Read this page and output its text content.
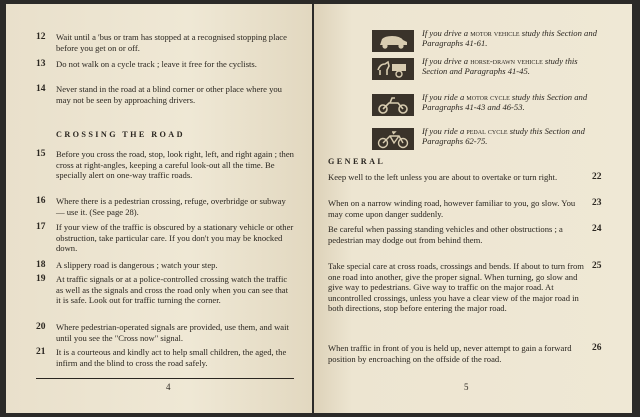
12 Wait until a 'bus or tram has stopped at a recognised stopping place before you get on or off.
13 Do not walk on a cycle track ; leave it free for the cyclists.
14 Never stand in the road at a blind corner or other place where you may not be seen by approaching drivers.
CROSSING THE ROAD
15 Before you cross the road, stop, look right, left, and right again ; then cross at right-angles, keeping a careful look-out all the time. Be specially alert on one-way traffic roads.
16 Where there is a pedestrian crossing, refuge, overbridge or subway — use it. (See page 28).
17 If your view of the traffic is obscured by a stationary vehicle or other obstruction, take particular care. If you don't you may be knocked down.
18 A slippery road is dangerous ; watch your step.
19 At traffic signals or at a police-controlled crossing watch the traffic as well as the signals and cross the road only when you can see that it is safe. Look out for traffic turning the corner.
20 Where pedestrian-operated signals are provided, use them, and wait until you see the "Cross now" signal.
21 It is a courteous and kindly act to help small children, the aged, the infirm and the blind to cross the road safely.
4
If you drive a motor vehicle study this Section and Paragraphs 41-61.
If you drive a horse-drawn vehicle study this Section and Paragraphs 41-45.
If you ride a motor cycle study this Section and Paragraphs 41-43 and 46-53.
If you ride a pedal cycle study this Section and Paragraphs 62-75.
GENERAL
Keep well to the left unless you are about to overtake or turn right.	22
When on a narrow winding road, however familiar to you, go slow. You may come upon danger suddenly.
23
Be careful when passing standing vehicles and other obstructions ; a pedestrian may dodge out from behind them.
24
Take special care at cross roads, crossings and bends. If about to turn from one road into another, give the proper signal. When turning, go slow and give way to pedestrians. Give way to traffic on the major road. At uncontrolled crossings, unless you have a clear view of the major road in both directions, stop before entering the major road.
25
When traffic in front of you is held up, never attempt to gain a forward position by encroaching on the offside of the road.
26
5
